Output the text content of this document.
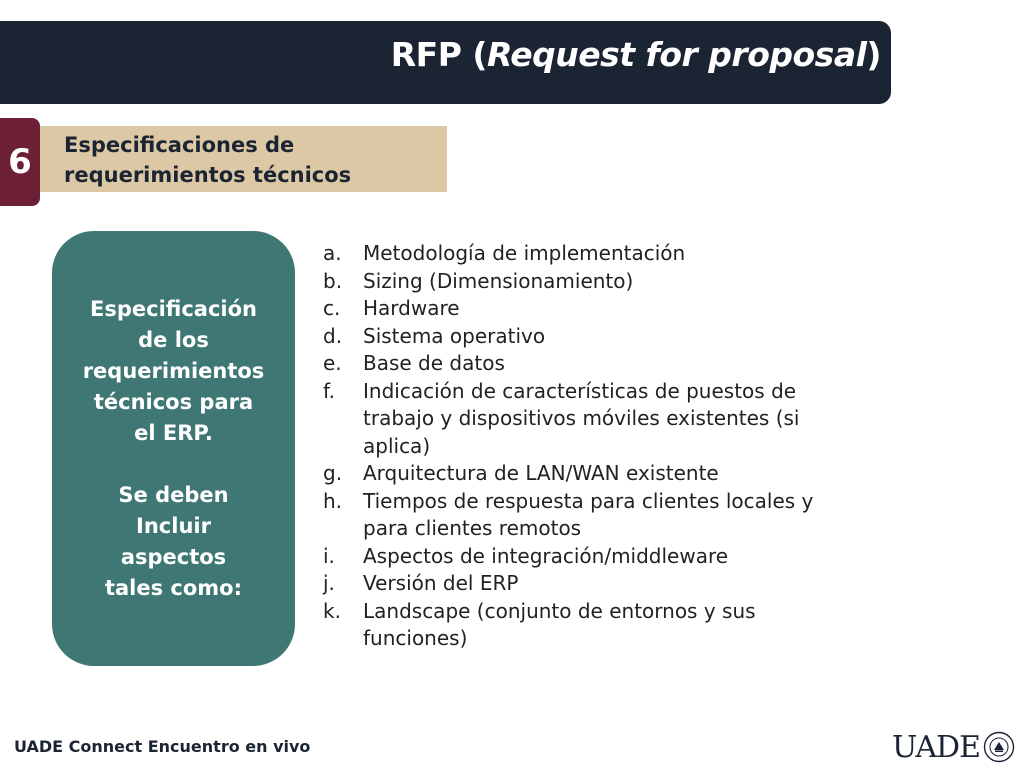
RFP (Request for proposal)
6	Especificaciones de requerimientos técnicos
Especificación
de los
requerimientos
técnicos para
el ERP.
Se deben
Incluir
aspectos
tales como:
a. Metodología de implementación
b. Sizing (Dimensionamiento)
c. Hardware
d. Sistema operativo
e. Base de datos
f. Indicación de características de puestos de trabajo y dispositivos móviles existentes (si aplica)
g. Arquitectura de LAN/WAN existente
h. Tiempos de respuesta para clientes locales y para clientes remotos
i. Aspectos de integración/middleware
j. Versión del ERP
k. Landscape (conjunto de entornos y sus funciones)
UADE Connect Encuentro en vivo	UADE
